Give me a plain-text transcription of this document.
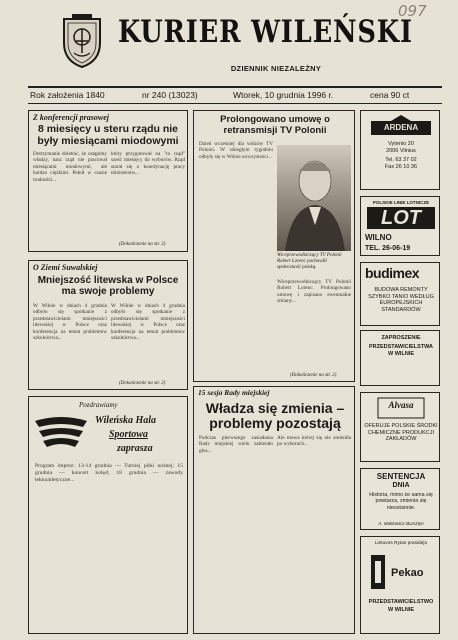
KURIER WILEŃSKI
DZIENNIK NIEZALEŻNY
097
Rok założenia 1840	nr 240 (13023)	Wtorek, 10 grudnia 1996 r.	cena 90 ct
Z konferencji prasowej
8 miesięcy u steru rządu nie były miesiącami miodowymi
Dotrzymanie obietnic, że ustąpimy władzy, nasz rząd nie pracował miesiącami miodowymi, ale bardzo ciężkimi. Pełnił w czasie trudności...
który przygotował na "to rząd" sześć miesięcy do wyborów. Rząd starał się o koordynację pracy ministerstw...
(Dokończenie na str. 2)
Prolongowano umowę o retransmisji TV Polonii
Dzień wcześniej dla widzów TV Polonii. W ubiegłym tygodniu odbyły się w Wilnie uroczystości...
Wiceprzewodniczący TV Polonii Robert Lorenc pochwalił społeczność polską.
Wiceprzewodniczący TV Polonii Robert Lorenc. Prolongowano umowę i zapisano ewentualne zmiany...
(Dokończenie na str. 2)
O Ziemi Suwalskiej
Mniejszość litewska w Polsce ma swoje problemy
W Wilnie w dniach 4 grudnia odbyło się spotkanie z przedstawicielami mniejszości litewskiej w Polsce oraz konferencja na temat problemów szkolnictwa...
W Wilnie w dniach 4 grudnia odbyło się spotkanie z przedstawicielami mniejszości litewskiej w Polsce oraz konferencja na temat problemów szkolnictwa...
(Dokończenie na str. 2)
15 sesja Rady miejskiej
Władza się zmienia – problemy pozostają
Podczas pierwszego zasiadania Rady miejskiej wielu zabierało głos...
Ale mowa której się nie zmieniła po wyborach...
Pozdrawiamy
Wileńska Hala
Sportowa
zaprasza
Program imprez: 13-14 grudnia — Turniej piłki nożnej; 15 grudnia — koncert kolęd; 18 grudnia — zawody lekkoatletyczne...
ARDENA
Vytenio 20
2006 Vilnius
Tel. 63 37 02
Fax 26 10 36
POLSKIE LINIE LOTNICZE
LOT
WILNO
TEL. 26-06-19
budimex
BUDOWA REMONTY SZYBKO TANIO WEDŁUG EUROPEJSKICH STANDARDÓW
ZAPROSZENIE
PRZEDSTAWICIELSTWA
W WILNIE
Alvasa
OFERUJE POLSKIE ŚRODKI CHEMICZNE PRODUKCJI ZAKŁADÓW
SENTENCJA
DNIA
Historia, mimo że sama się powtarza, zmienia się nieustannie.
A. Maklowicz-Bursztyn
Lietuvos Rytas prasidėjo
Pekao
PRZEDSTAWICIELSTWO
W WILNIE
